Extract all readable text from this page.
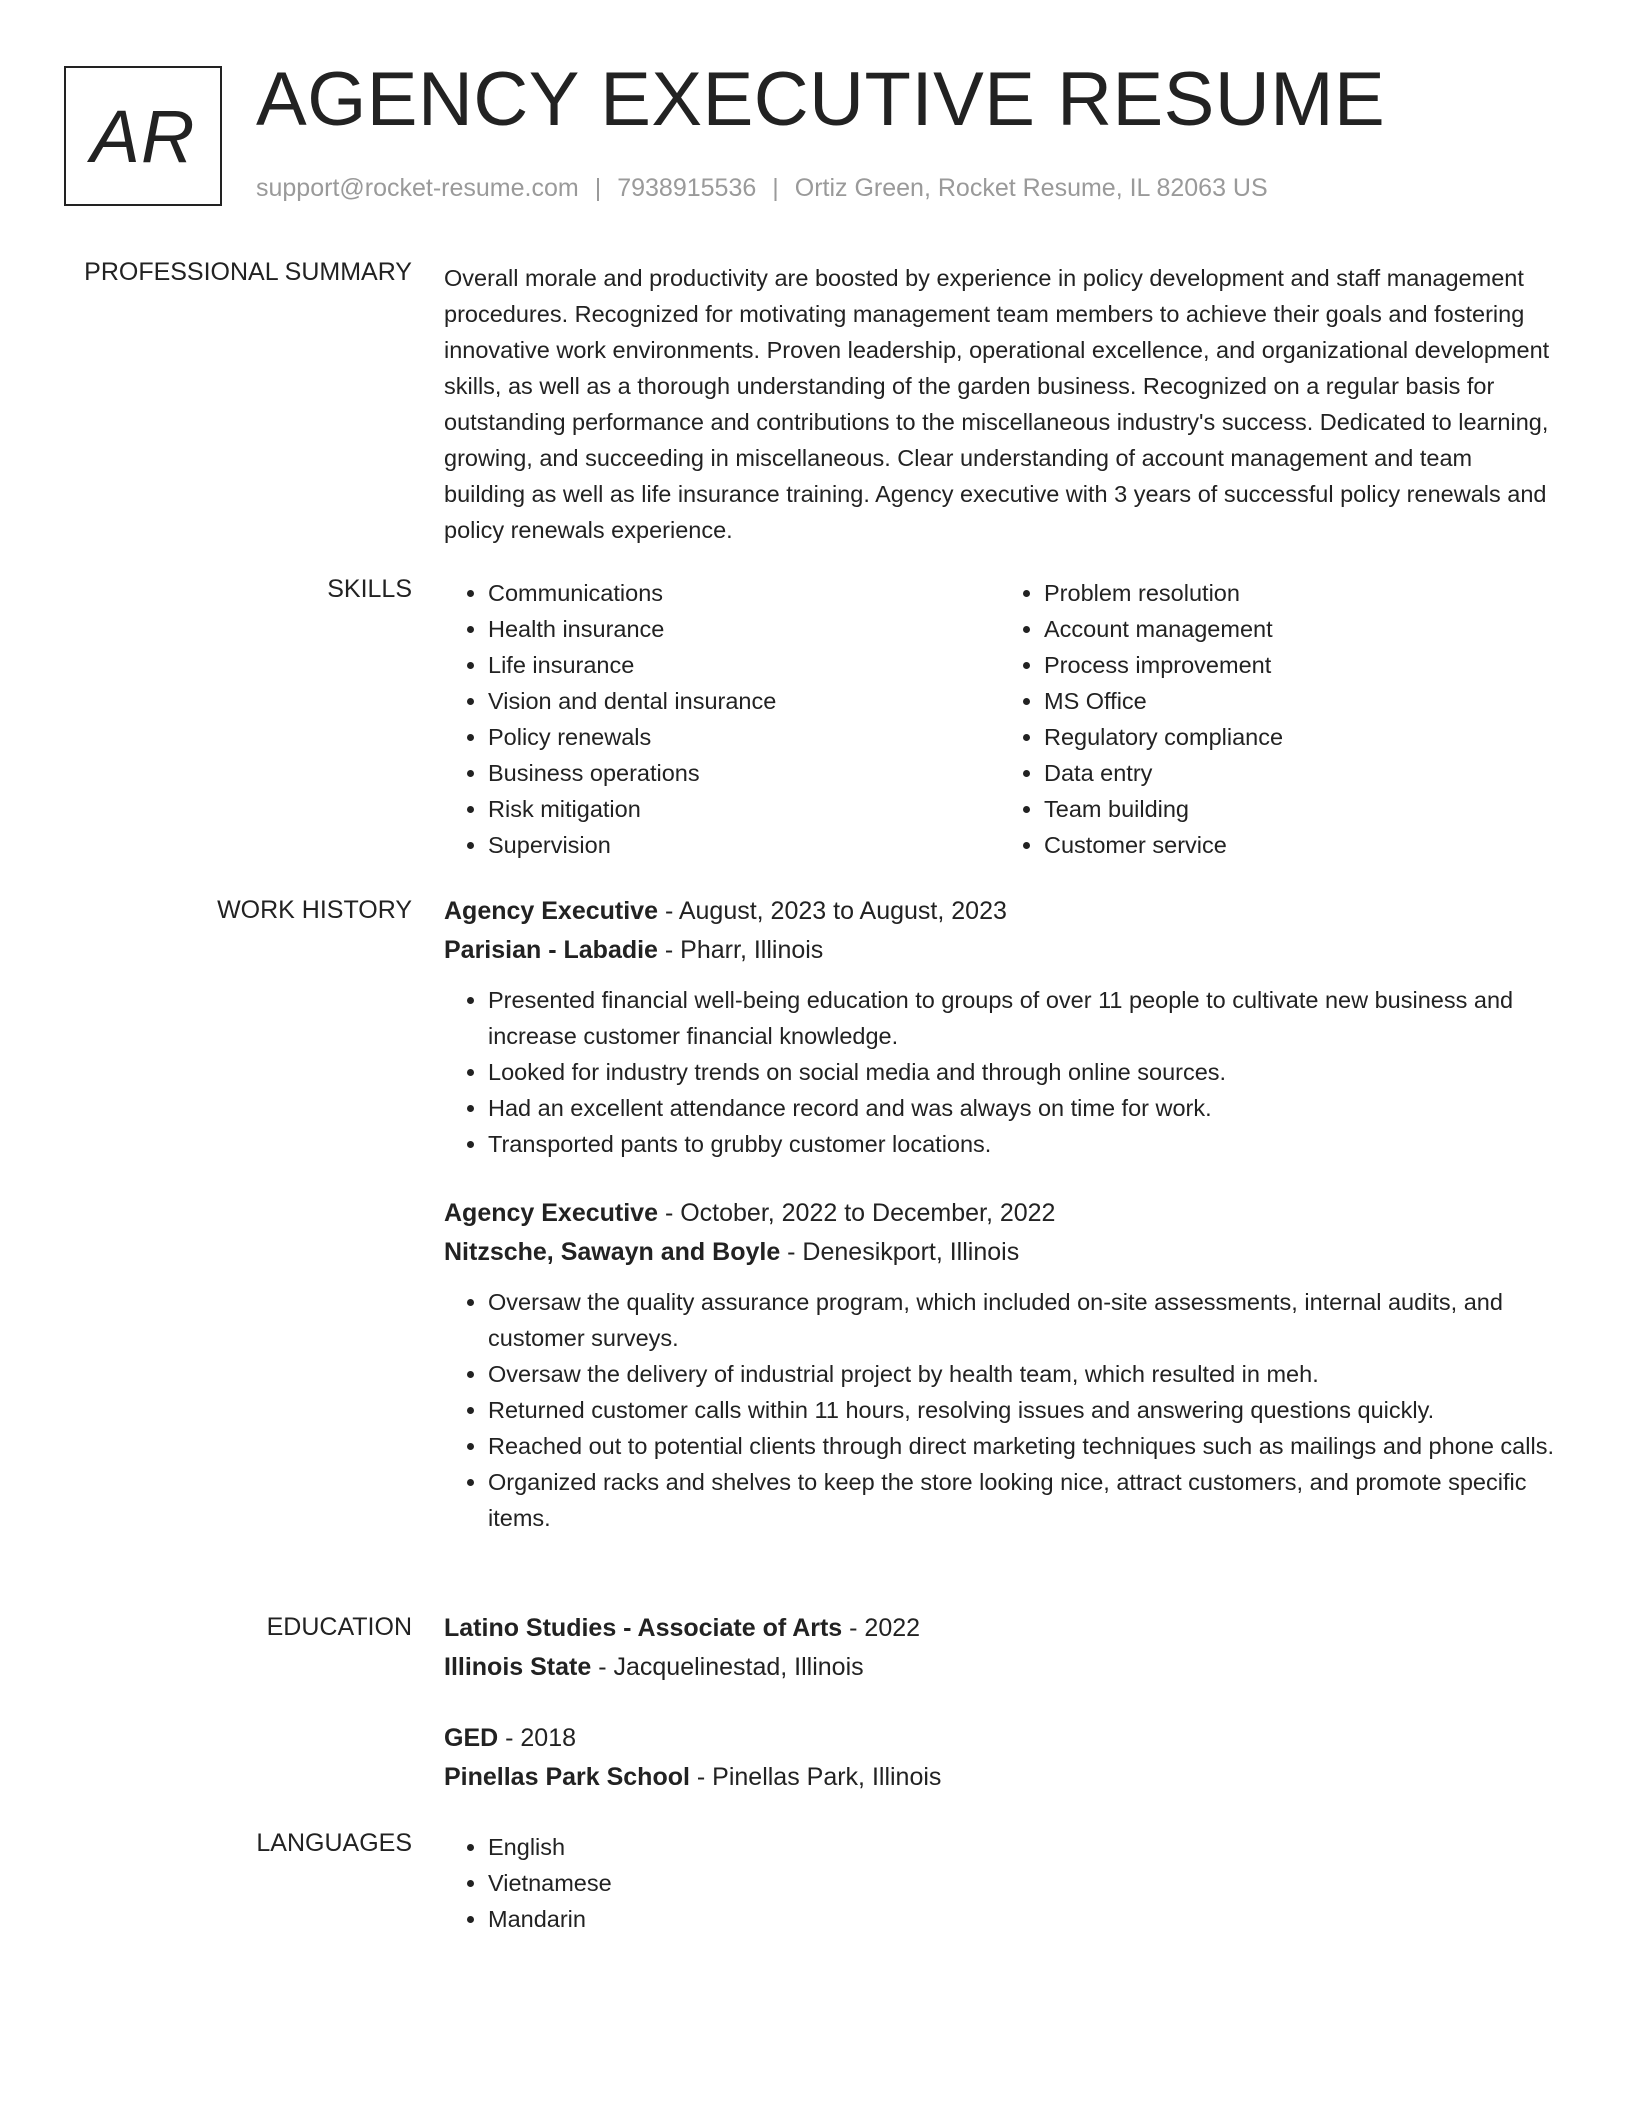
AR AGENCY EXECUTIVE RESUME
support@rocket-resume.com | 7938915536 | Ortiz Green, Rocket Resume, IL 82063 US
PROFESSIONAL SUMMARY Overall morale and productivity are boosted by experience in policy development and staff management procedures. Recognized for motivating management team members to achieve their goals and fostering innovative work environments. Proven leadership, operational excellence, and organizational development skills, as well as a thorough understanding of the garden business. Recognized on a regular basis for outstanding performance and contributions to the miscellaneous industry's success. Dedicated to learning, growing, and succeeding in miscellaneous. Clear understanding of account management and team building as well as life insurance training. Agency executive with 3 years of successful policy renewals and policy renewals experience.

SKILLS	• Communications
• Health insurance
• Life insurance
• Vision and dental insurance
• Policy renewals
• Business operations
• Risk mitigation
• Supervision
• Problem resolution
• Account management
• Process improvement
• MS Office
• Regulatory compliance
• Data entry
• Team building
• Customer service
WORK HISTORY Agency Executive - August, 2023 to August, 2023
Parisian - Labadie - Pharr, Illinois
• Presented financial well-being education to groups of over 11 people to cultivate new business and increase customer financial knowledge.
• Looked for industry trends on social media and through online sources.
• Had an excellent attendance record and was always on time for work.
• Transported pants to grubby customer locations.
Agency Executive - October, 2022 to December, 2022
Nitzsche, Sawayn and Boyle - Denesikport, Illinois
• Oversaw the quality assurance program, which included on-site assessments, internal audits, and customer surveys.
• Oversaw the delivery of industrial project by health team, which resulted in meh.
• Returned customer calls within 11 hours, resolving issues and answering questions quickly.
• Reached out to potential clients through direct marketing techniques such as mailings and phone calls.
• Organized racks and shelves to keep the store looking nice, attract customers, and promote specific items.
EDUCATION Latino Studies - Associate of Arts - 2022
Illinois State - Jacquelinestad, Illinois
GED - 2018
Pinellas Park School - Pinellas Park, Illinois
LANGUAGES	• English
• Vietnamese
• Mandarin
